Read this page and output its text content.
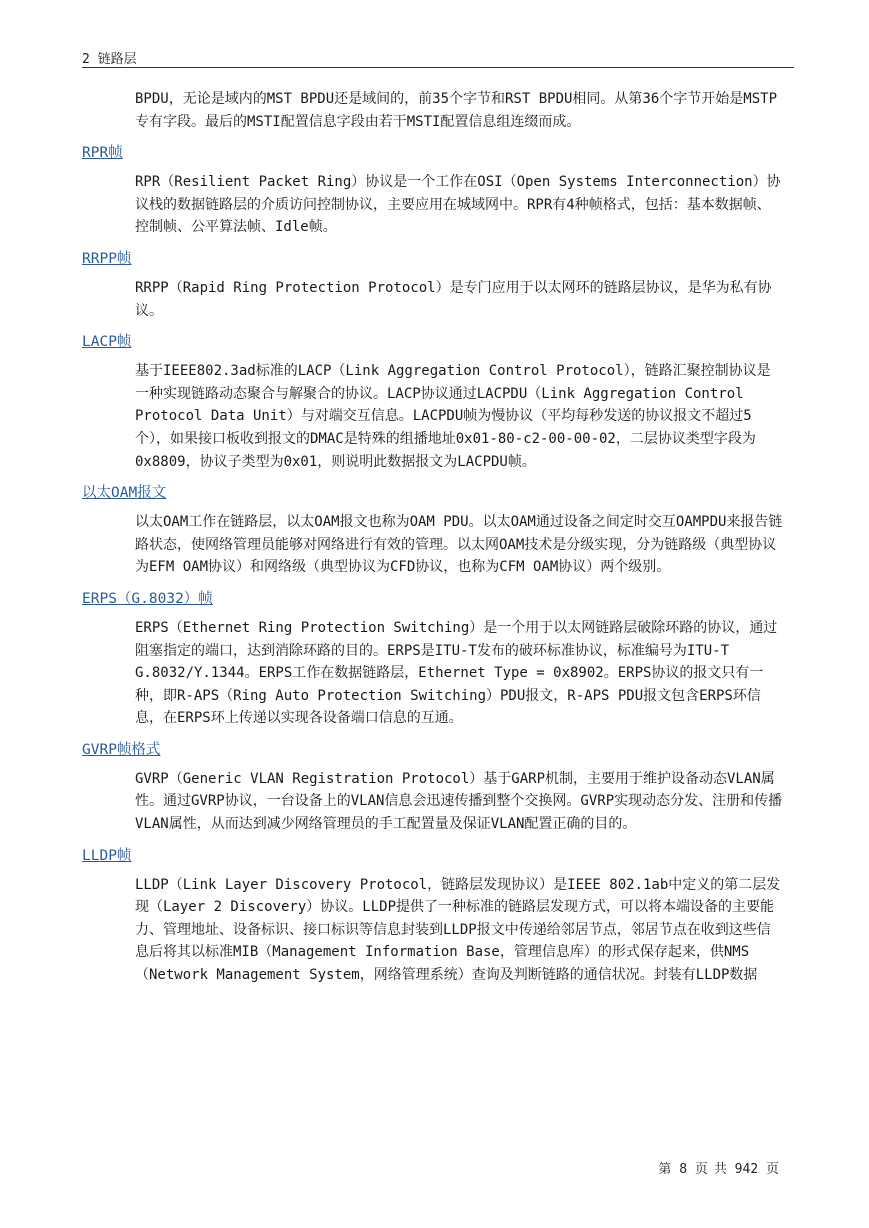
2 链路层

BPDU，无论是域内的MST BPDU还是域间的，前35个字节和RST BPDU相同。从第36个字节开始是MSTP专有字段。最后的MSTI配置信息字段由若干MSTI配置信息组连缀而成。

RPR帧

RPR（Resilient Packet Ring）协议是一个工作在OSI（Open Systems Interconnection）协议栈的数据链路层的介质访问控制协议，主要应用在城域网中。RPR有4种帧格式，包括：基本数据帧、控制帧、公平算法帧、Idle帧。

RRPP帧

RRPP（Rapid Ring Protection Protocol）是专门应用于以太网环的链路层协议，是华为私有协议。

LACP帧

基于IEEE802.3ad标准的LACP（Link Aggregation Control Protocol），链路汇聚控制协议是一种实现链路动态聚合与解聚合的协议。LACP协议通过LACPDU（Link Aggregation Control Protocol Data Unit）与对端交互信息。LACPDU帧为慢协议（平均每秒发送的协议报文不超过5个），如果接口板收到报文的DMAC是特殊的组播地址0x01-80-c2-00-00-02，二层协议类型字段为0x8809，协议子类型为0x01，则说明此数据报文为LACPDU帧。

以太OAM报文

以太OAM工作在链路层，以太OAM报文也称为OAM PDU。以太OAM通过设备之间定时交互OAMPDU来报告链路状态，使网络管理员能够对网络进行有效的管理。以太网OAM技术是分级实现，分为链路级（典型协议为EFM OAM协议）和网络级（典型协议为CFD协议，也称为CFM OAM协议）两个级别。

ERPS（G.8032）帧

ERPS（Ethernet Ring Protection Switching）是一个用于以太网链路层破除环路的协议，通过阻塞指定的端口，达到消除环路的目的。ERPS是ITU-T发布的破环标准协议，标准编号为ITU-T G.8032/Y.1344。ERPS工作在数据链路层，Ethernet Type = 0x8902。ERPS协议的报文只有一种，即R-APS（Ring Auto Protection Switching）PDU报文，R-APS PDU报文包含ERPS环信息，在ERPS环上传递以实现各设备端口信息的互通。

GVRP帧格式

GVRP（Generic VLAN Registration Protocol）基于GARP机制，主要用于维护设备动态VLAN属性。通过GVRP协议，一台设备上的VLAN信息会迅速传播到整个交换网。GVRP实现动态分发、注册和传播VLAN属性，从而达到减少网络管理员的手工配置量及保证VLAN配置正确的目的。

LLDP帧

LLDP（Link Layer Discovery Protocol，链路层发现协议）是IEEE 802.1ab中定义的第二层发现（Layer 2 Discovery）协议。LLDP提供了一种标准的链路层发现方式，可以将本端设备的主要能力、管理地址、设备标识、接口标识等信息封装到LLDP报文中传递给邻居节点，邻居节点在收到这些信息后将其以标准MIB（Management Information Base，管理信息库）的形式保存起来，供NMS（Network Management System，网络管理系统）查询及判断链路的通信状况。封装有LLDP数据

第 8 页 共 942 页
